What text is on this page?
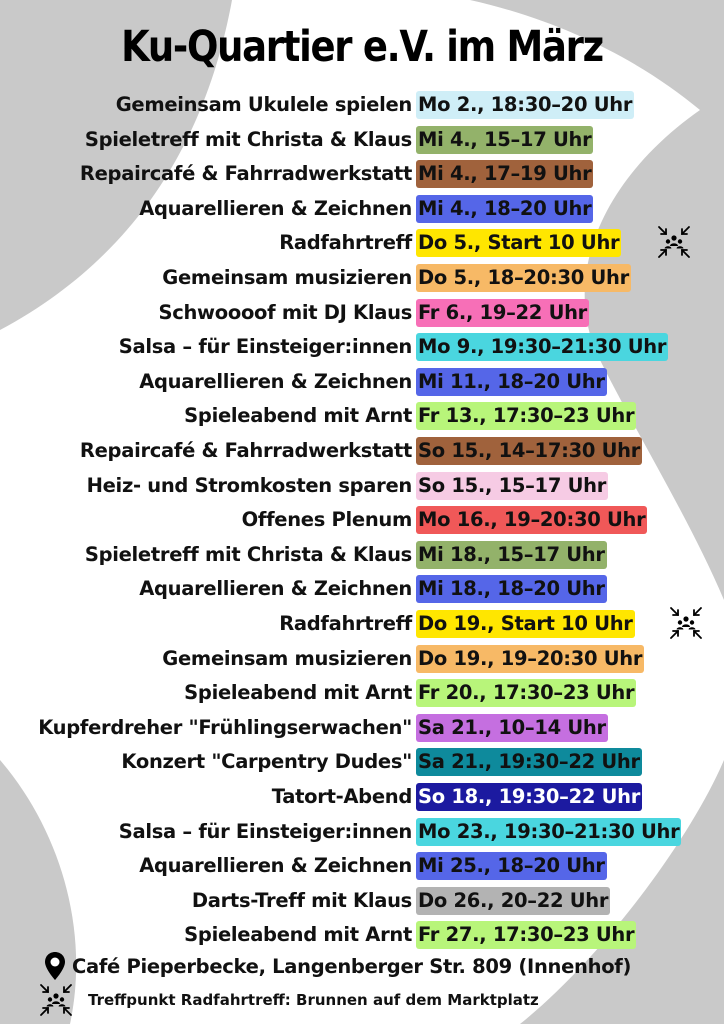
Ku-Quartier e.V. im März
Gemeinsam Ukulele spielen Mo 2., 18:30–20 Uhr
Spieletreff mit Christa & Klaus Mi 4., 15–17 Uhr
Repaircafé & Fahrradwerkstatt Mi 4., 17–19 Uhr
Aquarellieren & Zeichnen Mi 4., 18–20 Uhr
Radfahrtreff Do 5., Start 10 Uhr
Gemeinsam musizieren Do 5., 18–20:30 Uhr
Schwoooof mit DJ Klaus Fr 6., 19–22 Uhr
Salsa – für Einsteiger:innen Mo 9., 19:30–21:30 Uhr
Aquarellieren & Zeichnen Mi 11., 18–20 Uhr
Spieleabend mit Arnt Fr 13., 17:30–23 Uhr
Repaircafé & Fahrradwerkstatt So 15., 14–17:30 Uhr
Heiz- und Stromkosten sparen So 15., 15–17 Uhr
Offenes Plenum Mo 16., 19–20:30 Uhr
Spieletreff mit Christa & Klaus Mi 18., 15–17 Uhr
Aquarellieren & Zeichnen Mi 18., 18–20 Uhr
Radfahrtreff Do 19., Start 10 Uhr
Gemeinsam musizieren Do 19., 19–20:30 Uhr
Spieleabend mit Arnt Fr 20., 17:30–23 Uhr
Kupferdreher "Frühlingserwachen" Sa 21., 10–14 Uhr
Konzert "Carpentry Dudes" Sa 21., 19:30–22 Uhr
Tatort-Abend So 18., 19:30–22 Uhr
Salsa – für Einsteiger:innen Mo 23., 19:30–21:30 Uhr
Aquarellieren & Zeichnen Mi 25., 18–20 Uhr
Darts-Treff mit Klaus Do 26., 20–22 Uhr
Spieleabend mit Arnt Fr 27., 17:30–23 Uhr
Café Pieperbecke, Langenberger Str. 809 (Innenhof)
Treffpunkt Radfahrtreff: Brunnen auf dem Marktplatz
